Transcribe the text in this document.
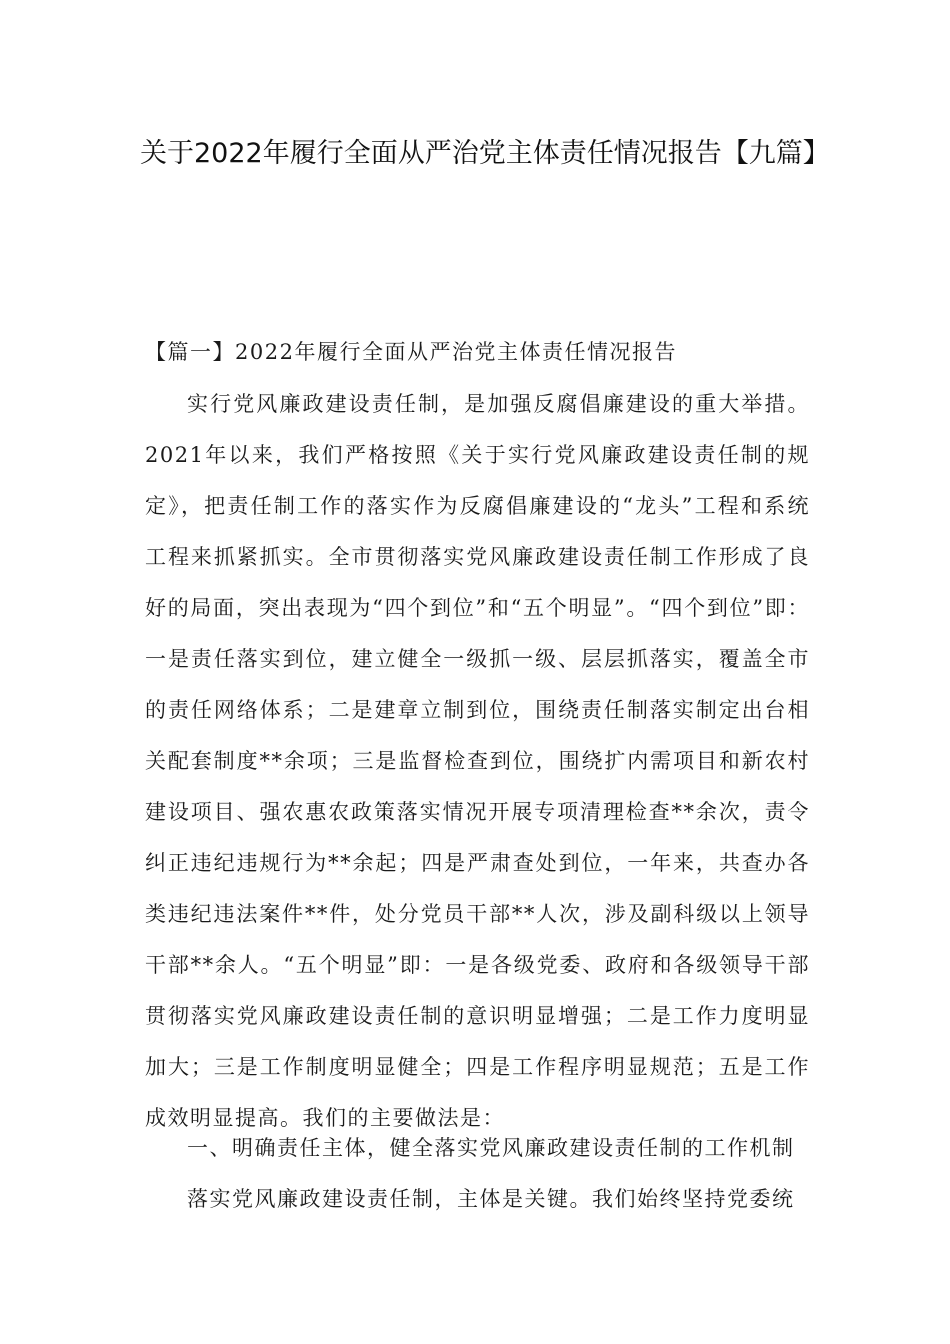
关于2022年履行全面从严治党主体责任情况报告【九篇】
【篇一】2022年履行全面从严治党主体责任情况报告

实行党风廉政建设责任制，是加强反腐倡廉建设的重大举措。2021年以来，我们严格按照《关于实行党风廉政建设责任制的规定》，把责任制工作的落实作为反腐倡廉建设的“龙头”工程和系统工程来抓紧抓实。全市贯彻落实党风廉政建设责任制工作形成了良好的局面，突出表现为“四个到位”和“五个明显”。“四个到位”即：一是责任落实到位，建立健全一级抓一级、层层抓落实，覆盖全市的责任网络体系；二是建章立制到位，围绕责任制落实制定出台相关配套制度**余项；三是监督检查到位，围绕扩内需项目和新农村建设项目、强农惠农政策落实情况开展专项清理检查**余次，责令纠正违纪违规行为**余起；四是严肃查处到位，一年来，共查办各类违纪违法案件**件，处分党员干部**人次，涉及副科级以上领导干部**余人。“五个明显”即：一是各级党委、政府和各级领导干部贯彻落实党风廉政建设责任制的意识明显增强；二是工作力度明显加大；三是工作制度明显健全；四是工作程序明显规范；五是工作成效明显提高。我们的主要做法是：

一、明确责任主体，健全落实党风廉政建设责任制的工作机制

落实党风廉政建设责任制，主体是关键。我们始终坚持党委统
